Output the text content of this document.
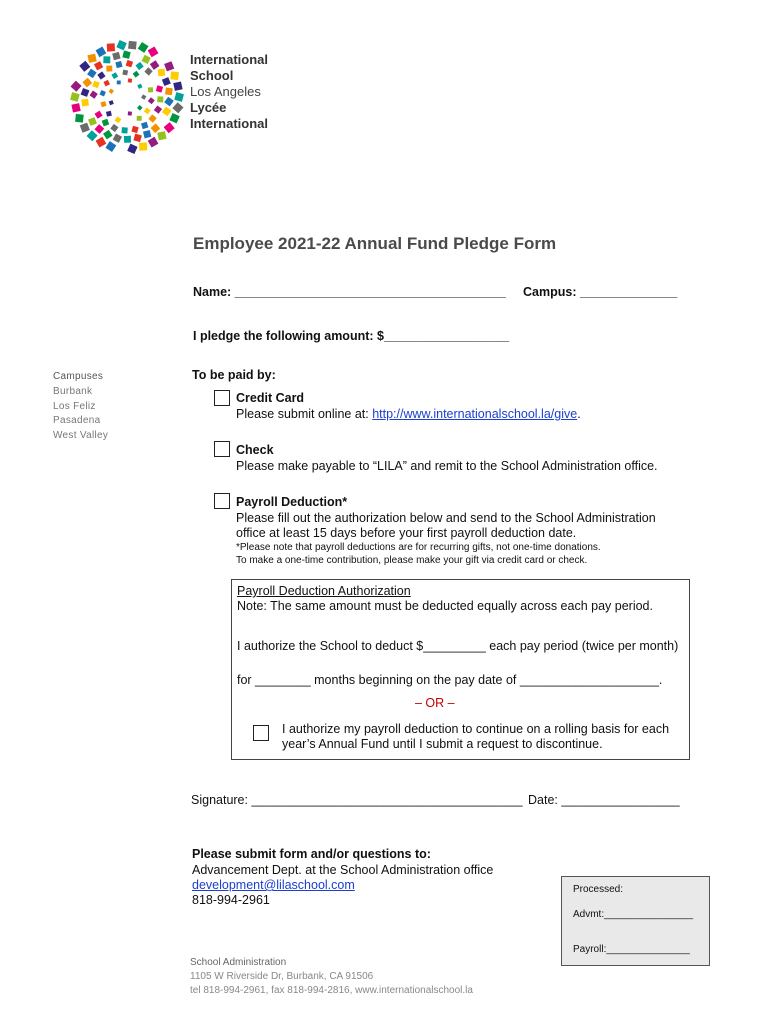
International
School
Los Angeles
Lycée
International
Employee 2021-22 Annual Fund Pledge Form
Name: _______________________________________ Campus: ______________
I pledge the following amount: $__________________
Campuses
Burbank
Los Feliz
Pasadena
West Valley
To be paid by:
Credit Card
Please submit online at: http://www.internationalschool.la/give.
Check
Please make payable to “LILA” and remit to the School Administration office.
Payroll Deduction*
Please fill out the authorization below and send to the School Administration
office at least 15 days before your first payroll deduction date.
*Please note that payroll deductions are for recurring gifts, not one-time donations.
To make a one-time contribution, please make your gift via credit card or check.
Payroll Deduction Authorization
Note: The same amount must be deducted equally across each pay period.
I authorize the School to deduct $_________ each pay period (twice per month)
for ________ months beginning on the pay date of ____________________.
– OR –
I authorize my payroll deduction to continue on a rolling basis for each
year’s Annual Fund until I submit a request to discontinue.
Signature: _______________________________________ Date: _________________
Please submit form and/or questions to:
Advancement Dept. at the School Administration office
development@lilaschool.com
818-994-2961
Processed:
Advmt:________________
Payroll:_______________
School Administration
1105 W Riverside Dr, Burbank, CA 91506
tel 818-994-2961, fax 818-994-2816, www.internationalschool.la
